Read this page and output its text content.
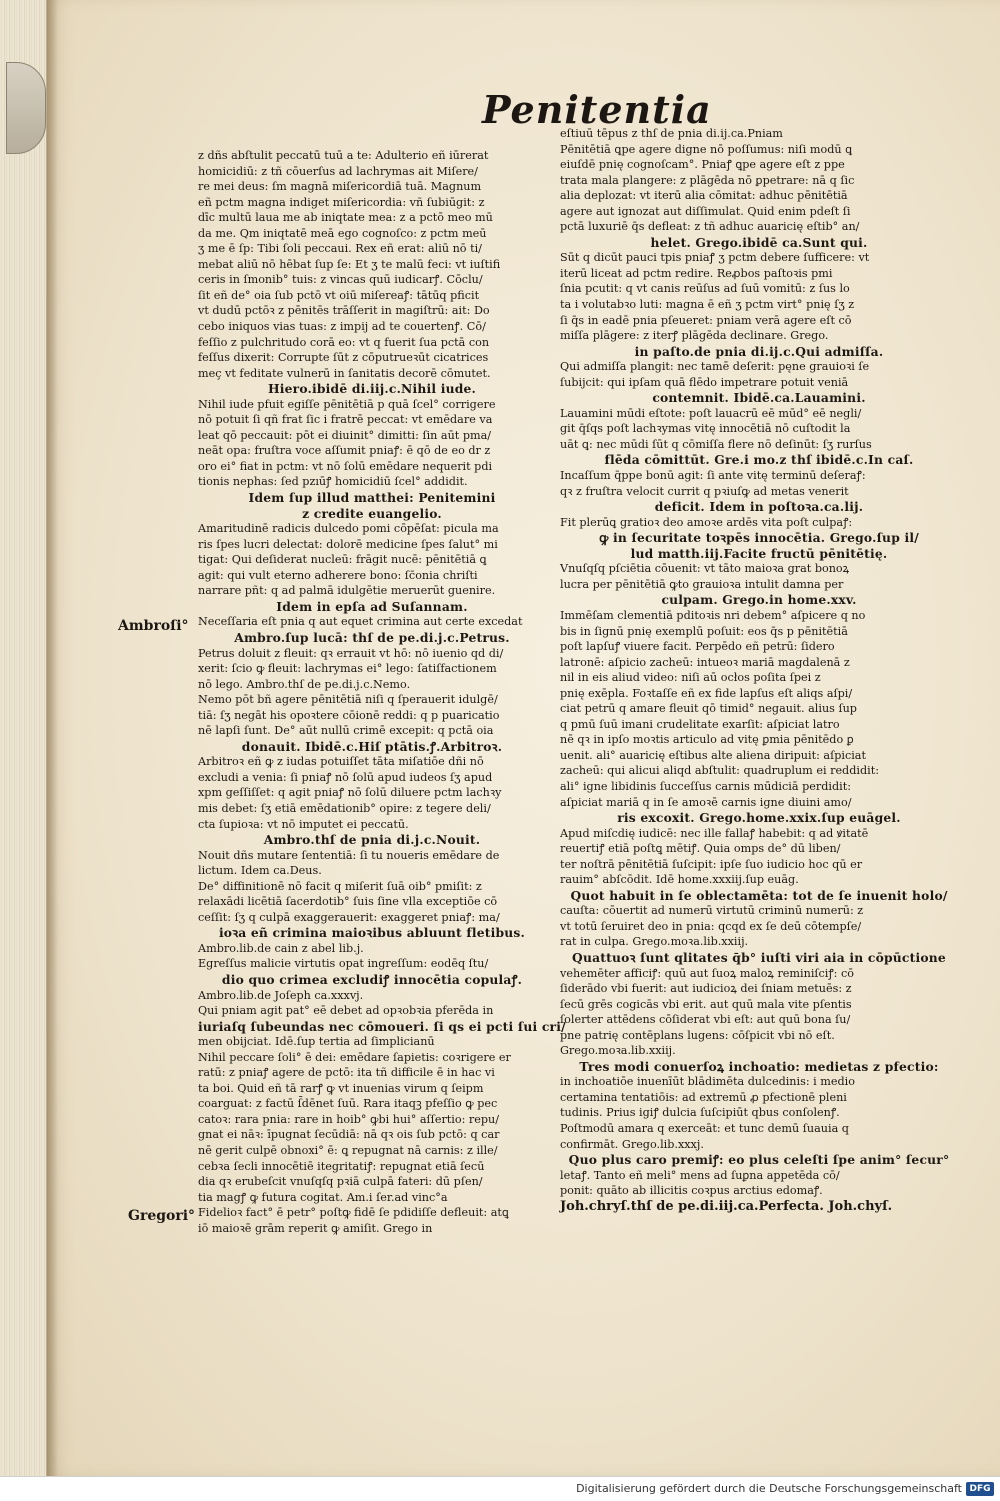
Penitentia
Ambroſi°
Gregori°
z dñs abſtulit peccatū tuū a te: Adulterio eñ iūrerat
homicidiū: z tñ cōuerſus ad lachrymas ait Miſere/
re mei deus: ſm magnā miſericordiā tuā. Magnum
eñ pctm magna indiget miſericordia: vñ ſubiūgit: z
dīc multū laua me ab iniqtate mea: z a pctō meo mū
da me. Qm iniqtatē meā ego cognoſco: z pctm meū
ʒ me ē ſp: Tibi ſoli peccaui. Rex eñ erat: aliū nō ti/
mebat aliū nō hēbat ſup ſe: Et ʒ te malū feci: vt iuſtifi
ceris in ſmonib° tuis: z vincas quū iudicarꝭ. Cōclu/
ſit eñ de° oia ſub pctō vt oiū miſereaꝭ: tātūq pficit
vt dudū pctōꝛ z pēnitēs trāſſerit in magiſtrū: ait: Do
cebo iniquos vias tuas: z impij ad te couertenꝭ. Cō/
feſſio z pulchritudo corā eo: vt q fuerit ſua pctā con
feſſus dixerit: Corrupte ſūt z cōputrueꝛūt cicatrices
meç vt feditate vulnerū in ſanitatis decorē cōmutet.
Hiero.ibidē di.iij.c.Nihil iude.
Nihil iude pfuit egiſſe pēnitētiā p quā ſcel° corrigere
nō potuit ſi qñ frat ſic i fratrē peccat: vt emēdare va
leat qō peccauit: pōt ei diuinit° dimitti: ſin aūt pma/
neāt opa: fruſtra voce aſſumit pniaꝭ: ē qō de eo dr z
oro ei° fiat in pctm: vt nō ſolū emēdare nequerit pdi
tionis nephas: ſed pzıūꝭ homicidiū ſcel° addidit.
Idem ſup illud matthei: Penitemini
z credite euangelio.
Amaritudinē radicis dulcedo pomi cōpēſat: picula ma
ris ſpes lucri delectat: dolorē medicine ſpes ſalut° mi
tigat: Qui deſiderat nucleū: frāgit nucē: pēnitētiā ꝗ
agit: qui vult eterno adherere bono: ſc̄onia chriſti
narrare pñt: q ad palmā idulgētie meruerūt guenire.
Idem in epſa ad Suſannam.
Neceſſaria eſt pnia q aut equet crimina aut certe excedat
Ambro.ſup lucā: thſ de pe.di.j.c.Petrus.
Petrus doluit z fleuit: qꝛ errauit vt hō: nō iuenio qd di/
xerit: ſcio ꝙ fleuit: lachrymas ei° lego: ſatiſfactionem
nō lego. Ambro.thſ de pe.di.j.c.Nemo.
Nemo pōt bñ agere pēnitētiā niſi q ſperauerit idulgē/
tiā: ſʒ negāt his opoꝛtere cōionē reddi: q p puaricatio
nē lapſi ſunt. De° aūt nullū crimē excepit: q pctā oia
donauit. Ibidē.c.Hiſ ptātis.ꝭ.Arbitroꝛ.
Arbitroꝛ eñ ꝙ z iudas potuiſſet tāta miſatiōe dñi nō
excludi a venia: ſi pniaꝭ nō ſolū apud iudeos ſʒ apud
xpm geſſiſſet: q agit pniaꝭ nō ſolū diluere pctm lachꝛy
mis debet: ſʒ etiā emēdationib° opire: z tegere deli/
cta ſupioꝛa: vt nō imputet ei peccatū.
Ambro.thſ de pnia di.j.c.Nouit.
Nouit dñs mutare ſententiā: ſi tu noueris emēdare de
lictum. Idem ca.Deus.
De° diffinitionē nō facit q miſerit ſuā oib° pmiſit: z
relaxādi licētiā ſacerdotib° ſuis ſine vlla exceptiōe cō
ceſſit: ſʒ q culpā exaggerauerit: exaggeret pniaꝭ: ma/
ioꝛa eñ crimina maioꝛibus abluunt fletibus.
Ambro.lib.de cain z abel lib.j.
Egreſſus malicie virtutis opat ingreſſum: eodēq ſtu/
dio quo crimea excludiꝭ innocētia copulaꝭ.
Ambro.lib.de Joſeph ca.xxxvj.
Qui pniam agit pat° eē debet ad opꝛobꝛia pferēda in
iuriaſq ſubeundas nec cōmoueri. ſi qs ei pcti ſui cri/
men obijciat. Idē.ſup tertia ad ſimplicianū
Nihil peccare ſoli° ē dei: emēdare ſapietis: coꝛrigere er
ratū: z pniaꝭ agere de pctō: ita tñ difficile ē in hac vi
ta boi. Quid eñ tā rarꝭ ꝙ vt inuenias virum q ſeipm
coarguat: z factū ſ̄dēnet ſuū. Rara itaqꝫ pfeſſio ꝙ pec
catoꝛ: rara pnia: rare in hoib° ꝙbi hui° aſſertio: repu/
gnat ei nāꝛ: īpugnat ſecūdiā: nā qꝛ ois ſub pctō: q car
nē gerit culpē obnoxi° ē: ꝗ repugnat nā carnis: z ille/
cebꝛa ſecli innocētiē itegritatiꝭ: repugnat etiā ſecū
dia qꝛ erubeſcit vnuſqſq pꝛiā culpā fateri: dū pſen/
tia magꝭ ꝙ futura cogitat. Am.i ſer.ad vinc°a
Fidelioꝛ fact° ē petr° poſtꝙ fidē ſe pdidiſſe defleuit: atꝗ
iō maioꝛē grām reperit ꝙ amiſit. Grego in
eſtiuū tēpus z thſ de pnia di.ij.ca.Pniam
Pēnitētiā ꝗpe agere digne nō poſſumus: niſi modū ꝗ
eiuſdē pnię cognoſcam°. Pniaꝭ ꝗpe agere eſt z ppe
trata mala plangere: z plāgēda nō ꝑpetrare: nā q ſic
alia deplozat: vt iterū alia cōmitat: adhuc pēnitētiā
agere aut ignozat aut diſſimulat. Quid enim pdeſt ſi
pctā luxuriē q̄s defleat: z tñ adhuc auaricię eſtib° an/
helet. Grego.ibidē ca.Sunt qui.
Sūt q dicūt pauci tpis pniaꝭ ʒ pctm debere ſufficere: vt
iterū liceat ad pctm redire. Reꝓbos paſtoꝛis pmi
ſnia pcutit: q vt canis reūſus ad ſuū vomitū: z ſus lo
ta i volutabꝛo luti: magna ē eñ ʒ pctm virt° pnię ſʒ z
ſi q̄s in eadē pnia pſeueret: pniam verā agere eſt cō
miſſa plāgere: z iterꝭ plāgēda declinare. Grego.
in paſto.de pnia di.ij.c.Qui admiſſa.
Qui admiſſa plangit: nec tamē deſerit: pęne grauioꝛi ſe
ſubijcit: qui ipſam quā flēdo impetrare potuit veniā
contemnit. Ibidē.ca.Lauamini.
Lauamini mūdi eſtote: poſt lauacrū eē mūd° eē negli/
git q̄ſqs poſt lachꝛymas vitę innocētiā nō cuſtodit la
uāt ꝗ: nec mūdi ſūt q cōmiſſa flere nō deſinūt: ſʒ rurſus
flēda cōmittūt. Gre.i mo.z thſ ibidē.c.In caſ.
Incaſſum q̄ppe bonū agit: ſi ante vitę terminū deſeraꝭ:
qꝛ z fruſtra velocit currit q pꝛiuſꝙ ad metas venerit
deficit. Idem in poſtoꝛa.ca.lij.
Fit plerūꝗ gratioꝛ deo amoꝛe ardēs vita poſt culpaꝭ:
ꝙ in ſecuritate toꝛpēs innocētia. Grego.ſup il/
lud matth.iij.Facite fructū pēnitētię.
Vnuſqſq pſciētia cōuenit: vt tāto maioꝛa grat bonoꝝ
lucra per pēnitētiā ꝙto grauioꝛa intulit damna per
culpam. Grego.in home.xxv.
Immēſam clementiā pditoꝛis nri debem° aſpicere q no
bis in ſignū pnię exemplū poſuit: eos q̄s p pēnitētiā
poſt lapſuꝭ viuere facit. Perpēdo eñ petrū: ſidero
latronē: aſpicio zacheū: intueoꝛ mariā magdalenā z
nil in eis aliud video: niſi aū ocłos poſita ſpei z
pnię exēpla. Foꝛtaſſe eñ ex fide lapſus eſt aliqs aſpi/
ciat petrū q amare fleuit qō timid° negauit. alius ſup
q pmū ſuū imani crudelitate exarſit: aſpiciat latro
nē qꝛ in ipſo moꝛtis articulo ad vitę ꝑmia pēnitēdo ꝑ
uenit. ali° auaricię eſtibus alte aliena diripuit: aſpiciat
zacheū: qui alicui aliqd abſtulit: quadruplum ei reddidit:
ali° igne libidinis ſucceſſus carnis mūdiciā perdidit:
aſpiciat mariā q in ſe amoꝛē carnis igne diuini amo/
ris excoxit. Grego.home.xxix.ſup euāgel.
Apud miſcdię iudicē: nec ille fallaꝭ habebit: q ad ꝟitatē
reuertiꝭ etiā poſtꝗ mētiꝭ. Quia omps de° dū liben/
ter noſtrā pēnitētiā ſuſcipit: ipſe ſuo iudicio hoc qū er
rauim° abſcōdit. Idē home.xxxiij.ſup euāg.
Quot habuit in ſe oblectamēta: tot de ſe inuenit holo/
cauſta: cōuertit ad numerū virtutū criminū numerū: z
vt totū ſeruiret deo in pnia: qcqd ex ſe deū cōtempſe/
rat in culpa. Grego.moꝛa.lib.xxiij.
Quattuoꝛ ſunt qlitates q̄b° iuſti viri aia in cōpūctione
vehemēter afficiꝭ: quū aut ſuoꝝ maloꝝ reminiſciꝭ: cō
ſiderādo vbi fuerit: aut iudicioꝝ dei ſniam metuēs: z
ſecū grēs cogicās vbi erit. aut quū mala vite pſentis
ſolerter attēdens cōſiderat vbi eſt: aut quū bona ſu/
pne patrię contēplans lugens: cōſpicit vbi nō eſt.
Grego.moꝛa.lib.xxiij.
Tres modi conuerſoꝝ inchoatio: medietas z pfectio:
in inchoatiōe inuenīūt blādimēta dulcedinis: i medio
certamina tentatiōis: ad extremū ꝓ pfectionē pleni
tudinis. Prius igiꝭ dulcia ſuſcipiūt qbus conſolenꝭ.
Poſtmodū amara q exerceāt: et tunc demū ſuauia q
confirmāt. Grego.lib.xxxj.
Quo plus caro premiꝭ: eo plus celeſti ſpe anim° ſecur°
letaꝭ. Tanto eñ meli° mens ad ſuꝑna appetēda cō/
ponit: quāto ab illicitis coꝛpus arctius edomaꝭ.
Joh.chryſ.thſ de pe.di.iij.ca.Perfecta. Joh.chyſ.
Digitalisierung gefördert durch die Deutsche Forschungsgemeinschaft DFG
